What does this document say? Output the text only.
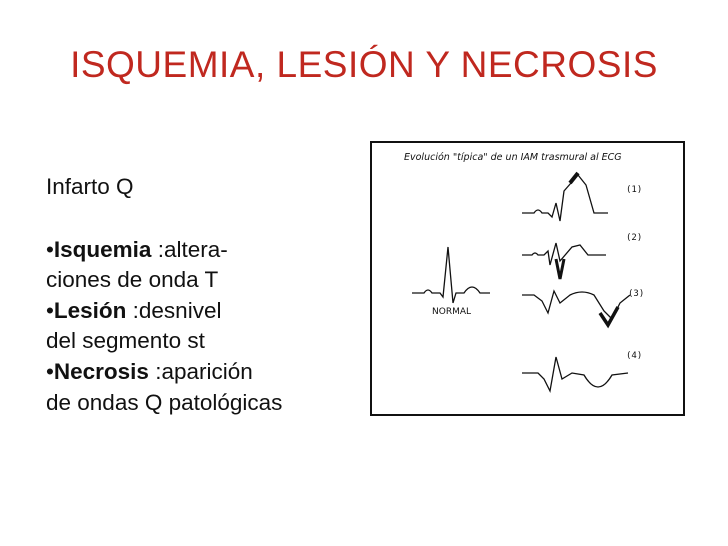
ISQUEMIA, LESIÓN Y NECROSIS

Infarto Q

•Isquemia :altera-

ciones de onda T

•Lesión :desnivel

del segmento st

•Necrosis :aparición

de ondas Q patológicas

Evolución "típica" de un IAM trasmural al ECG
NORMAL
(1)
(2)
(3)
(4)
